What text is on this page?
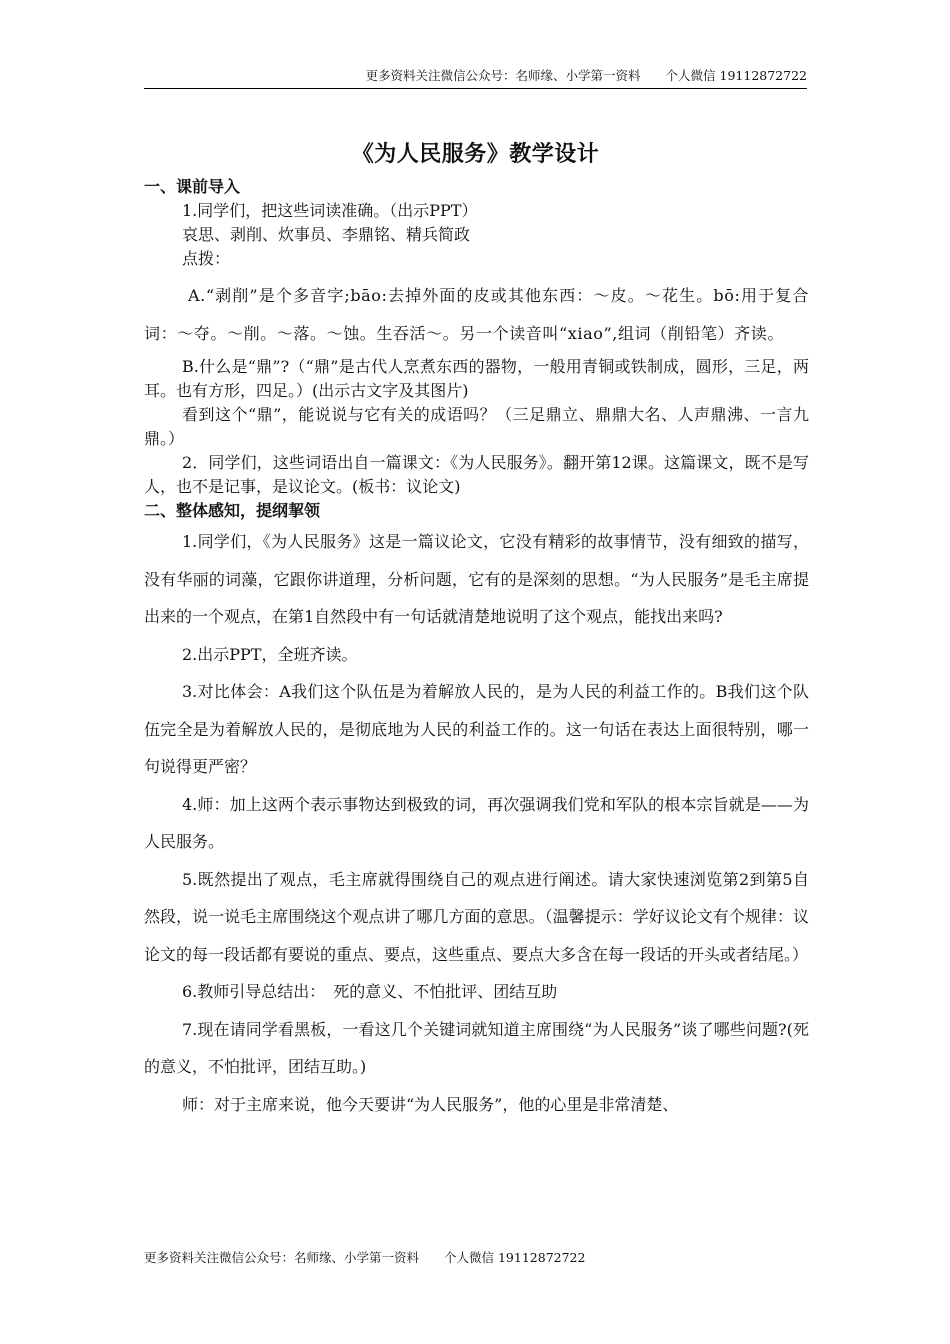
更多资料关注微信公众号：名师缘、小学第一资料　　个人微信 19112872722
《为人民服务》教学设计

一、课前导入

1.同学们，把这些词读准确。（出示PPT）

哀思、剥削、炊事员、李鼎铭、精兵简政

点拨：

A.“剥削”是个多音字;bāo:去掉外面的皮或其他东西：～皮。～花生。bō:用于复合词：～夺。～削。～落。～蚀。生吞活～。另一个读音叫“xiao”,组词（削铅笔）齐读。

B.什么是“鼎”?（“鼎”是古代人烹煮东西的器物，一般用青铜或铁制成，圆形，三足，两耳。也有方形，四足。）(出示古文字及其图片)

看到这个“鼎”，能说说与它有关的成语吗？（三足鼎立、鼎鼎大名、人声鼎沸、一言九鼎。）

2．同学们，这些词语出自一篇课文：《为人民服务》。翻开第12课。这篇课文，既不是写人，也不是记事，是议论文。(板书：议论文)

二、整体感知，提纲挈领

1.同学们，《为人民服务》这是一篇议论文，它没有精彩的故事情节，没有细致的描写，没有华丽的词藻，它跟你讲道理，分析问题，它有的是深刻的思想。“为人民服务”是毛主席提出来的一个观点，在第1自然段中有一句话就清楚地说明了这个观点，能找出来吗?

2.出示PPT，全班齐读。

3.对比体会：A我们这个队伍是为着解放人民的，是为人民的利益工作的。B我们这个队伍完全是为着解放人民的，是彻底地为人民的利益工作的。这一句话在表达上面很特别，哪一句说得更严密？

4.师：加上这两个表示事物达到极致的词，再次强调我们党和军队的根本宗旨就是——为人民服务。

5.既然提出了观点，毛主席就得围绕自己的观点进行阐述。请大家快速浏览第2到第5自然段，说一说毛主席围绕这个观点讲了哪几方面的意思。（温馨提示：学好议论文有个规律：议论文的每一段话都有要说的重点、要点，这些重点、要点大多含在每一段话的开头或者结尾。）

6.教师引导总结出：　死的意义、不怕批评、团结互助

7.现在请同学看黑板，一看这几个关键词就知道主席围绕“为人民服务”谈了哪些问题?(死的意义，不怕批评，团结互助。)

师：对于主席来说，他今天要讲“为人民服务”，他的心里是非常清楚、

更多资料关注微信公众号：名师缘、小学第一资料　　个人微信 19112872722
